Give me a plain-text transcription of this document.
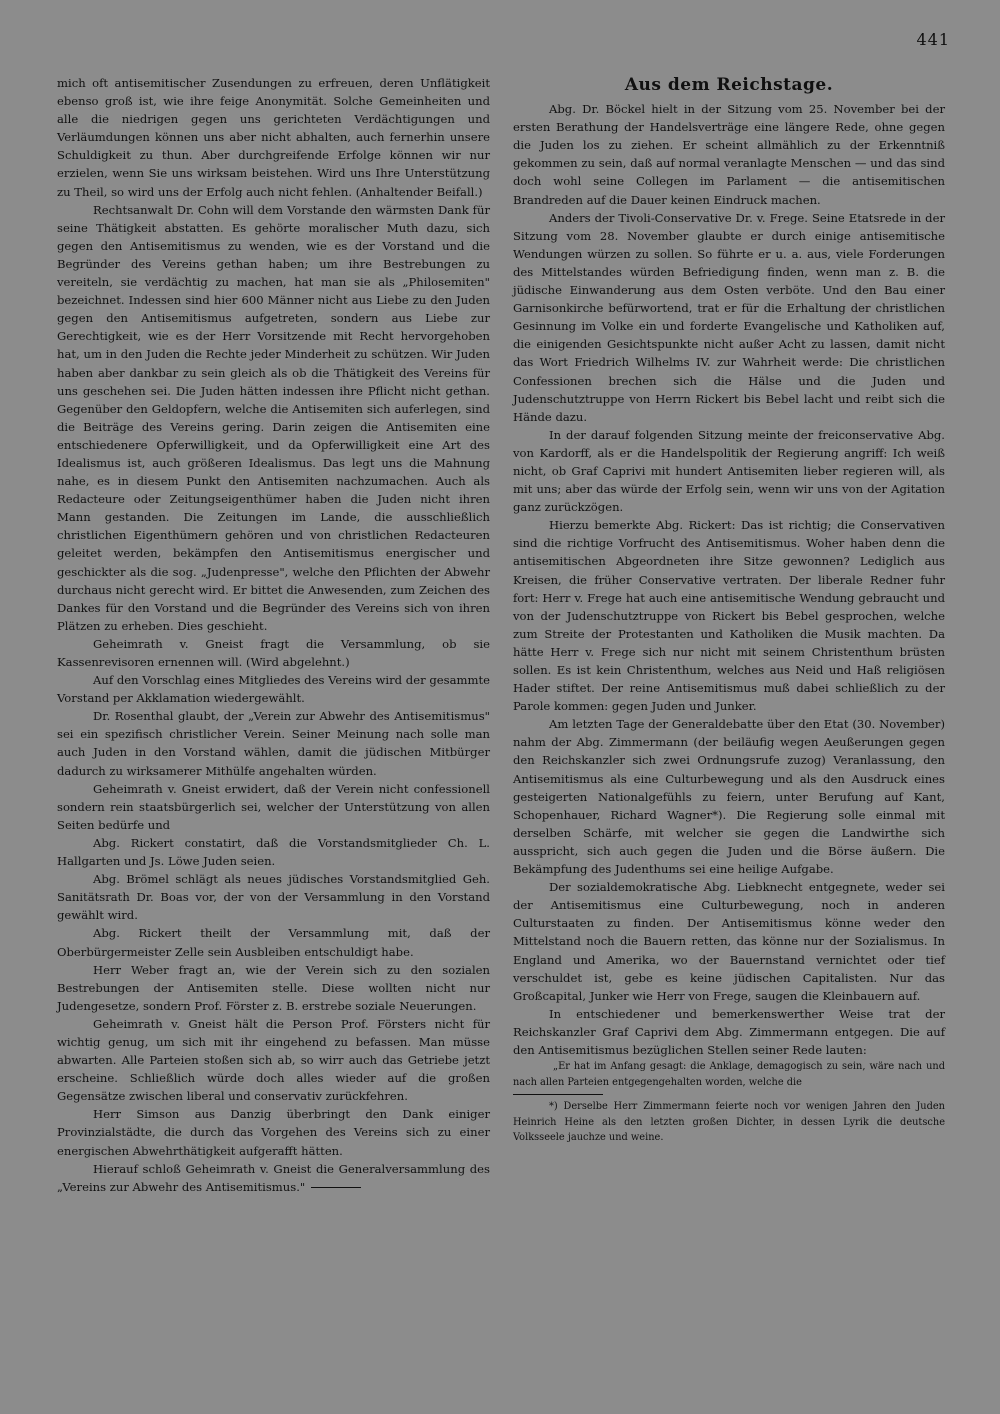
441

mich oft antisemitischer Zusendungen zu erfreuen, deren Unflätigkeit ebenso groß ist, wie ihre feige Anonymität. Solche Gemeinheiten und alle die niedrigen gegen uns gerichteten Verdächtigungen und Verläumdungen können uns aber nicht abhalten, auch fernerhin unsere Schuldigkeit zu thun. Aber durchgreifende Erfolge können wir nur erzielen, wenn Sie uns wirksam beistehen. Wird uns Ihre Unterstützung zu Theil, so wird uns der Erfolg auch nicht fehlen. (Anhaltender Beifall.)

Rechtsanwalt Dr. Cohn will dem Vorstande den wärmsten Dank für seine Thätigkeit abstatten. Es gehörte moralischer Muth dazu, sich gegen den Antisemitismus zu wenden, wie es der Vorstand und die Begründer des Vereins gethan haben; um ihre Bestrebungen zu vereiteln, sie verdächtig zu machen, hat man sie als „Philosemiten" bezeichnet. Indessen sind hier 600 Männer nicht aus Liebe zu den Juden gegen den Antisemitismus aufgetreten, sondern aus Liebe zur Gerechtigkeit, wie es der Herr Vorsitzende mit Recht hervorgehoben hat, um in den Juden die Rechte jeder Minderheit zu schützen. Wir Juden haben aber dankbar zu sein gleich als ob die Thätigkeit des Vereins für uns geschehen sei. Die Juden hätten indessen ihre Pflicht nicht gethan. Gegenüber den Geldopfern, welche die Antisemiten sich auferlegen, sind die Beiträge des Vereins gering. Darin zeigen die Antisemiten eine entschiedenere Opferwilligkeit, und da Opferwilligkeit eine Art des Idealismus ist, auch größeren Idealismus. Das legt uns die Mahnung nahe, es in diesem Punkt den Antisemiten nachzumachen. Auch als Redacteure oder Zeitungseigenthümer haben die Juden nicht ihren Mann gestanden. Die Zeitungen im Lande, die ausschließlich christlichen Eigenthümern gehören und von christlichen Redacteuren geleitet werden, bekämpfen den Antisemitismus energischer und geschickter als die sog. „Judenpresse", welche den Pflichten der Abwehr durchaus nicht gerecht wird. Er bittet die Anwesenden, zum Zeichen des Dankes für den Vorstand und die Begründer des Vereins sich von ihren Plätzen zu erheben. Dies geschieht.

Geheimrath v. Gneist fragt die Versammlung, ob sie Kassenrevisoren ernennen will. (Wird abgelehnt.)

Auf den Vorschlag eines Mitgliedes des Vereins wird der gesammte Vorstand per Akklamation wiedergewählt.

Dr. Rosenthal glaubt, der „Verein zur Abwehr des Antisemitismus" sei ein spezifisch christlicher Verein. Seiner Meinung nach solle man auch Juden in den Vorstand wählen, damit die jüdischen Mitbürger dadurch zu wirksamerer Mithülfe angehalten würden.

Geheimrath v. Gneist erwidert, daß der Verein nicht confessionell sondern rein staatsbürgerlich sei, welcher der Unterstützung von allen Seiten bedürfe und

Abg. Rickert constatirt, daß die Vorstandsmitglieder Ch. L. Hallgarten und Js. Löwe Juden seien.

Abg. Brömel schlägt als neues jüdisches Vorstandsmitglied Geh. Sanitätsrath Dr. Boas vor, der von der Versammlung in den Vorstand gewählt wird.

Abg. Rickert theilt der Versammlung mit, daß der Oberbürgermeister Zelle sein Ausbleiben entschuldigt habe.

Herr Weber fragt an, wie der Verein sich zu den sozialen Bestrebungen der Antisemiten stelle. Diese wollten nicht nur Judengesetze, sondern Prof. Förster z. B. erstrebe soziale Neuerungen.

Geheimrath v. Gneist hält die Person Prof. Försters nicht für wichtig genug, um sich mit ihr eingehend zu befassen. Man müsse abwarten. Alle Parteien stoßen sich ab, so wirr auch das Getriebe jetzt erscheine. Schließlich würde doch alles wieder auf die großen Gegensätze zwischen liberal und conservativ zurückfehren.

Herr Simson aus Danzig überbringt den Dank einiger Provinzialstädte, die durch das Vorgehen des Vereins sich zu einer energischen Abwehrthätigkeit aufgerafft hätten.

Hierauf schloß Geheimrath v. Gneist die Generalversammlung des „Vereins zur Abwehr des Antisemitismus."

Aus dem Reichstage.

Abg. Dr. Böckel hielt in der Sitzung vom 25. November bei der ersten Berathung der Handelsverträge eine längere Rede, ohne gegen die Juden los zu ziehen. Er scheint allmählich zu der Erkenntniß gekommen zu sein, daß auf normal veranlagte Menschen — und das sind doch wohl seine Collegen im Parlament — die antisemitischen Brandreden auf die Dauer keinen Eindruck machen.

Anders der Tivoli-Conservative Dr. v. Frege. Seine Etatsrede in der Sitzung vom 28. November glaubte er durch einige antisemitische Wendungen würzen zu sollen. So führte er u. a. aus, viele Forderungen des Mittelstandes würden Befriedigung finden, wenn man z. B. die jüdische Einwanderung aus dem Osten verböte. Und den Bau einer Garnisonkirche befürwortend, trat er für die Erhaltung der christlichen Gesinnung im Volke ein und forderte Evangelische und Katholiken auf, die einigenden Gesichtspunkte nicht außer Acht zu lassen, damit nicht das Wort Friedrich Wilhelms IV. zur Wahrheit werde: Die christlichen Confessionen brechen sich die Hälse und die Juden und Judenschutztruppe von Herrn Rickert bis Bebel lacht und reibt sich die Hände dazu.

In der darauf folgenden Sitzung meinte der freiconservative Abg. von Kardorff, als er die Handelspolitik der Regierung angriff: Ich weiß nicht, ob Graf Caprivi mit hundert Antisemiten lieber regieren will, als mit uns; aber das würde der Erfolg sein, wenn wir uns von der Agitation ganz zurückzögen.

Hierzu bemerkte Abg. Rickert: Das ist richtig; die Conservativen sind die richtige Vorfrucht des Antisemitismus. Woher haben denn die antisemitischen Abgeordneten ihre Sitze gewonnen? Lediglich aus Kreisen, die früher Conservative vertraten. Der liberale Redner fuhr fort: Herr v. Frege hat auch eine antisemitische Wendung gebraucht und von der Judenschutztruppe von Rickert bis Bebel gesprochen, welche zum Streite der Protestanten und Katholiken die Musik machten. Da hätte Herr v. Frege sich nur nicht mit seinem Christenthum brüsten sollen. Es ist kein Christenthum, welches aus Neid und Haß religiösen Hader stiftet. Der reine Antisemitismus muß dabei schließlich zu der Parole kommen: gegen Juden und Junker.

Am letzten Tage der Generaldebatte über den Etat (30. November) nahm der Abg. Zimmermann (der beiläufig wegen Aeußerungen gegen den Reichskanzler sich zwei Ordnungsrufe zuzog) Veranlassung, den Antisemitismus als eine Culturbewegung und als den Ausdruck eines gesteigerten Nationalgefühls zu feiern, unter Berufung auf Kant, Schopenhauer, Richard Wagner*). Die Regierung solle einmal mit derselben Schärfe, mit welcher sie gegen die Landwirthe sich ausspricht, sich auch gegen die Juden und die Börse äußern. Die Bekämpfung des Judenthums sei eine heilige Aufgabe.

Der sozialdemokratische Abg. Liebknecht entgegnete, weder sei der Antisemitismus eine Culturbewegung, noch in anderen Culturstaaten zu finden. Der Antisemitismus könne weder den Mittelstand noch die Bauern retten, das könne nur der Sozialismus. In England und Amerika, wo der Bauernstand vernichtet oder tief verschuldet ist, gebe es keine jüdischen Capitalisten. Nur das Großcapital, Junker wie Herr von Frege, saugen die Kleinbauern auf.

In entschiedener und bemerkenswerther Weise trat der Reichskanzler Graf Caprivi dem Abg. Zimmermann entgegen. Die auf den Antisemitismus bezüglichen Stellen seiner Rede lauten:

„Er hat im Anfang gesagt: die Anklage, demagogisch zu sein, wäre nach und nach allen Parteien entgegengehalten worden, welche die

*) Derselbe Herr Zimmermann feierte noch vor wenigen Jahren den Juden Heinrich Heine als den letzten großen Dichter, in dessen Lyrik die deutsche Volksseele jauchze und weine.
